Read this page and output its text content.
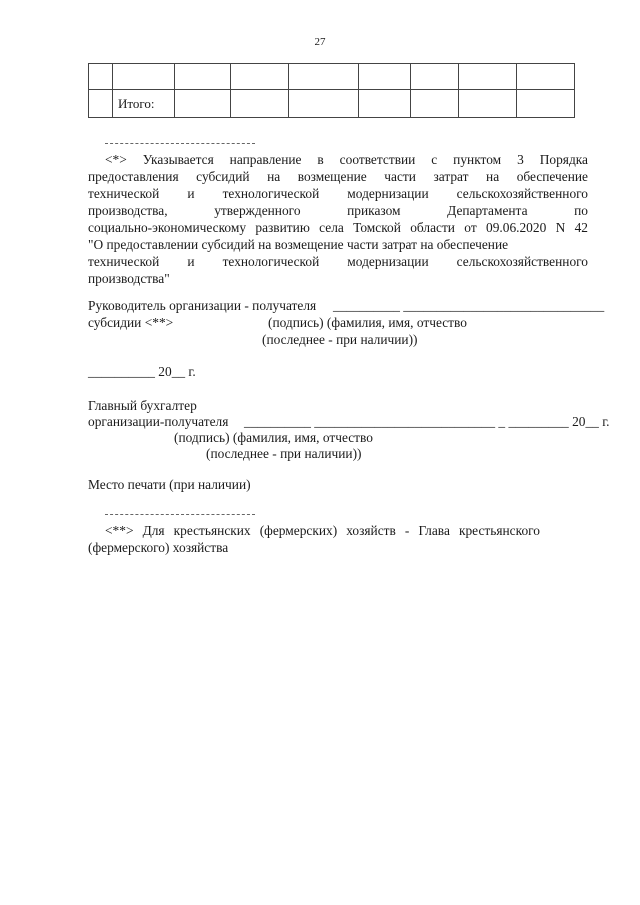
27

	Итого:							
<*> Указывается направление в соответствии с пунктом 3 Порядка
предоставления субсидий на возмещение части затрат на обеспечение
технической и технологической модернизации сельскохозяйственного
производства, утвержденного приказом Департамента по
социально-экономическому развитию села Томской области от 09.06.2020 N 42
"О предоставлении субсидий на возмещение части затрат на обеспечение
технической и технологической модернизации сельскохозяйственного
производства"
Руководитель организации - получателя __________ ______________________________
субсидии <**>	(подпись) (фамилия, имя, отчество
(последнее - при наличии))
__________ 20__ г.
Главный бухгалтер
организации-получателя __________ ___________________________ _ _________ 20__ г.
(подпись) (фамилия, имя, отчество
(последнее - при наличии))
Место печати (при наличии)
<**> Для крестьянских (фермерских) хозяйств - Глава крестьянского
(фермерского) хозяйства
